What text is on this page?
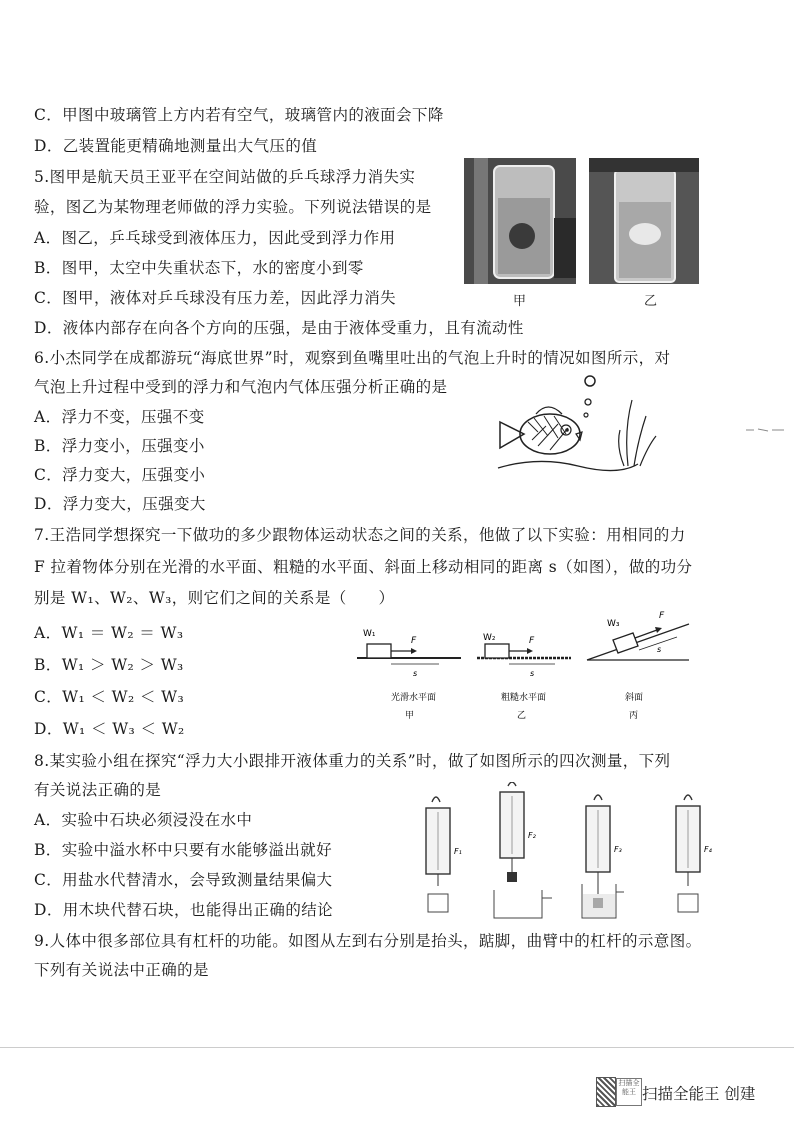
C．甲图中玻璃管上方内若有空气，玻璃管内的液面会下降
D．乙装置能更精确地测量出大气压的值
5.图甲是航天员王亚平在空间站做的乒乓球浮力消失实
验，图乙为某物理老师做的浮力实验。下列说法错误的是
A．图乙，乒乓球受到液体压力，因此受到浮力作用
B．图甲，太空中失重状态下，水的密度小到零
C．图甲，液体对乒乓球没有压力差，因此浮力消失
D．液体内部存在向各个方向的压强，是由于液体受重力，且有流动性
6.小杰同学在成都游玩“海底世界”时，观察到鱼嘴里吐出的气泡上升时的情况如图所示，对
气泡上升过程中受到的浮力和气泡内气体压强分析正确的是
A．浮力不变，压强不变
B．浮力变小，压强变小
C．浮力变大，压强变小
D．浮力变大，压强变大
7.王浩同学想探究一下做功的多少跟物体运动状态之间的关系，他做了以下实验：用相同的力
F 拉着物体分别在光滑的水平面、粗糙的水平面、斜面上移动相同的距离 s（如图），做的功分
别是 W₁、W₂、W₃，则它们之间的关系是（　　）
A．W₁ ＝ W₂ ＝ W₃
B．W₁ ＞ W₂ ＞ W₃
C．W₁ ＜ W₂ ＜ W₃
D．W₁ ＜ W₃ ＜ W₂
8.某实验小组在探究“浮力大小跟排开液体重力的关系”时，做了如图所示的四次测量，下列
有关说法正确的是
A．实验中石块必须浸没在水中
B．实验中溢水杯中只要有水能够溢出就好
C．用盐水代替清水，会导致测量结果偏大
D．用木块代替石块，也能得出正确的结论
9.人体中很多部位具有杠杆的功能。如图从左到右分别是抬头，踮脚，曲臂中的杠杆的示意图。
下列有关说法中正确的是
甲	乙
W₁
F
s
光滑水平面
甲
W₂	F
s
粗糙水平面
乙
W₃
F
s
斜面
丙
F₁
F₂
F₃	F₄
扫描全能王 扫描全能王 创建
